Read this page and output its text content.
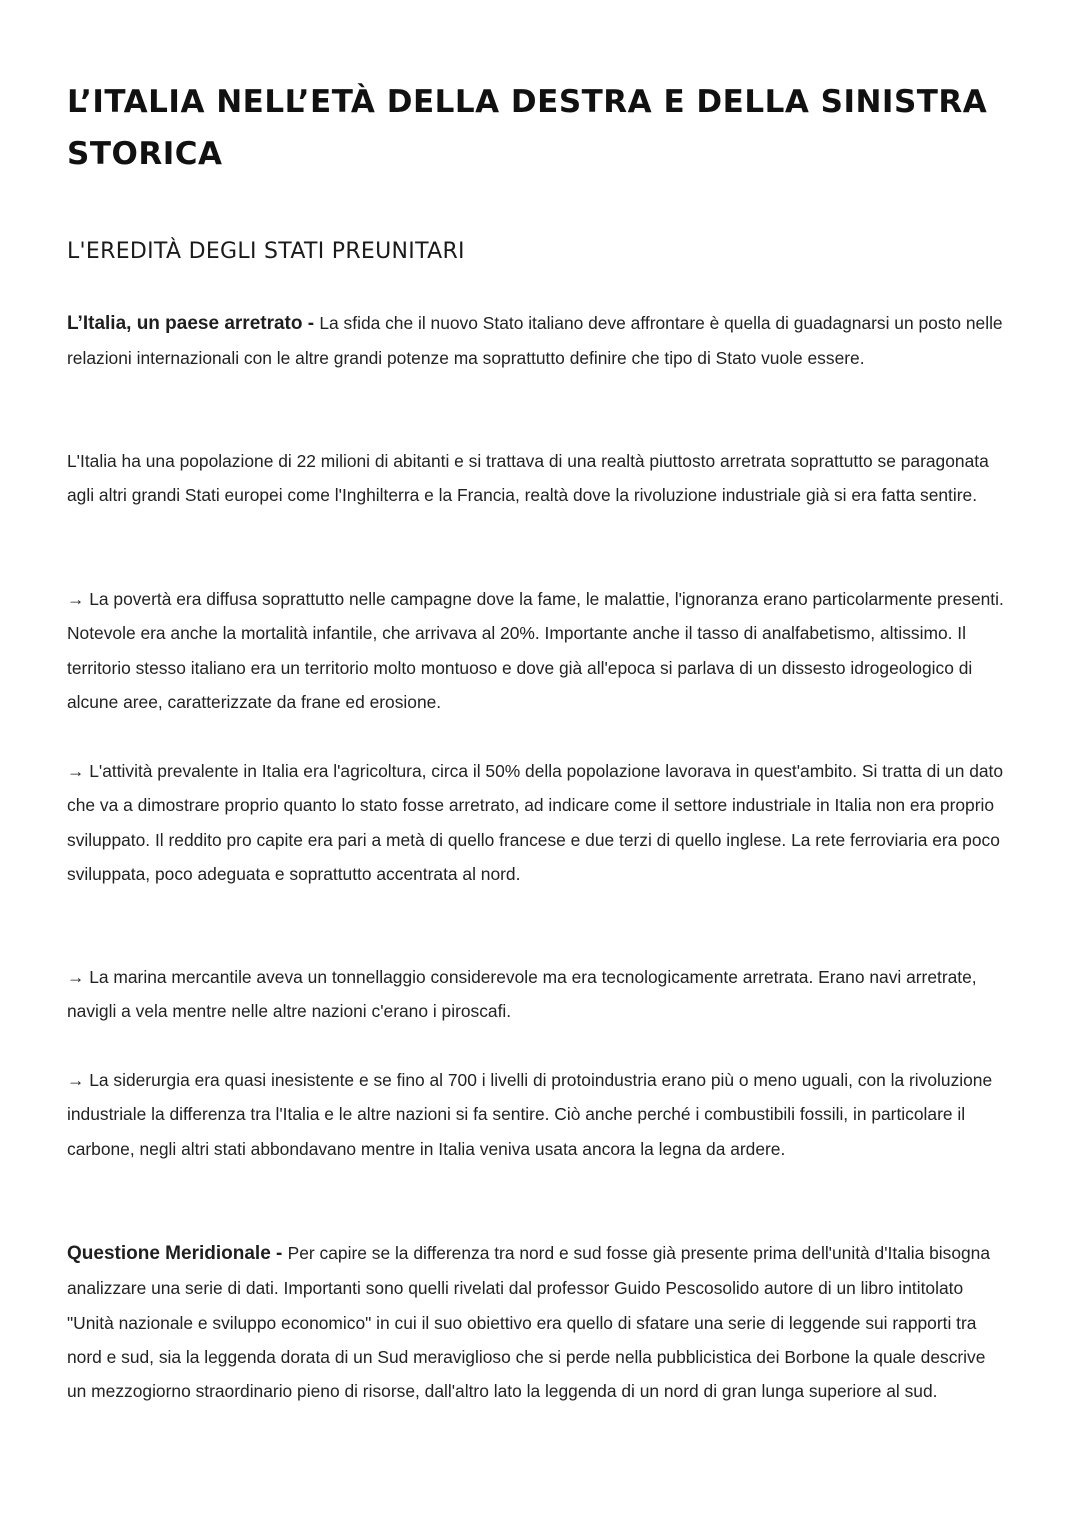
L’ITALIA NELL’ETÀ DELLA DESTRA E DELLA SINISTRA STORICA
L'EREDITÀ DEGLI STATI PREUNITARI

L’Italia, un paese arretrato - La sfida che il nuovo Stato italiano deve affrontare è quella di guadagnarsi un posto nelle relazioni internazionali con le altre grandi potenze ma soprattutto definire che tipo di Stato vuole essere.

L'Italia ha una popolazione di 22 milioni di abitanti e si trattava di una realtà piuttosto arretrata soprattutto se paragonata agli altri grandi Stati europei come l'Inghilterra e la Francia, realtà dove la rivoluzione industriale già si era fatta sentire.

→ La povertà era diffusa soprattutto nelle campagne dove la fame, le malattie, l'ignoranza erano particolarmente presenti. Notevole era anche la mortalità infantile, che arrivava al 20%. Importante anche il tasso di analfabetismo, altissimo. Il territorio stesso italiano era un territorio molto montuoso e dove già all'epoca si parlava di un dissesto idrogeologico di alcune aree, caratterizzate da frane ed erosione.

→ L'attività prevalente in Italia era l'agricoltura, circa il 50% della popolazione lavorava in quest'ambito. Si tratta di un dato che va a dimostrare proprio quanto lo stato fosse arretrato, ad indicare come il settore industriale in Italia non era proprio sviluppato. Il reddito pro capite era pari a metà di quello francese e due terzi di quello inglese. La rete ferroviaria era poco sviluppata, poco adeguata e soprattutto accentrata al nord.

→ La marina mercantile aveva un tonnellaggio considerevole ma era tecnologicamente arretrata. Erano navi arretrate, navigli a vela mentre nelle altre nazioni c'erano i piroscafi.

→ La siderurgia era quasi inesistente e se fino al 700 i livelli di protoindustria erano più o meno uguali, con la rivoluzione industriale la differenza tra l'Italia e le altre nazioni si fa sentire. Ciò anche perché i combustibili fossili, in particolare il carbone, negli altri stati abbondavano mentre in Italia veniva usata ancora la legna da ardere.

Questione Meridionale - Per capire se la differenza tra nord e sud fosse già presente prima dell'unità d'Italia bisogna analizzare una serie di dati. Importanti sono quelli rivelati dal professor Guido Pescosolido autore di un libro intitolato "Unità nazionale e sviluppo economico" in cui il suo obiettivo era quello di sfatare una serie di leggende sui rapporti tra nord e sud, sia la leggenda dorata di un Sud meraviglioso che si perde nella pubblicistica dei Borbone la quale descrive un mezzogiorno straordinario pieno di risorse, dall'altro lato la leggenda di un nord di gran lunga superiore al sud.
